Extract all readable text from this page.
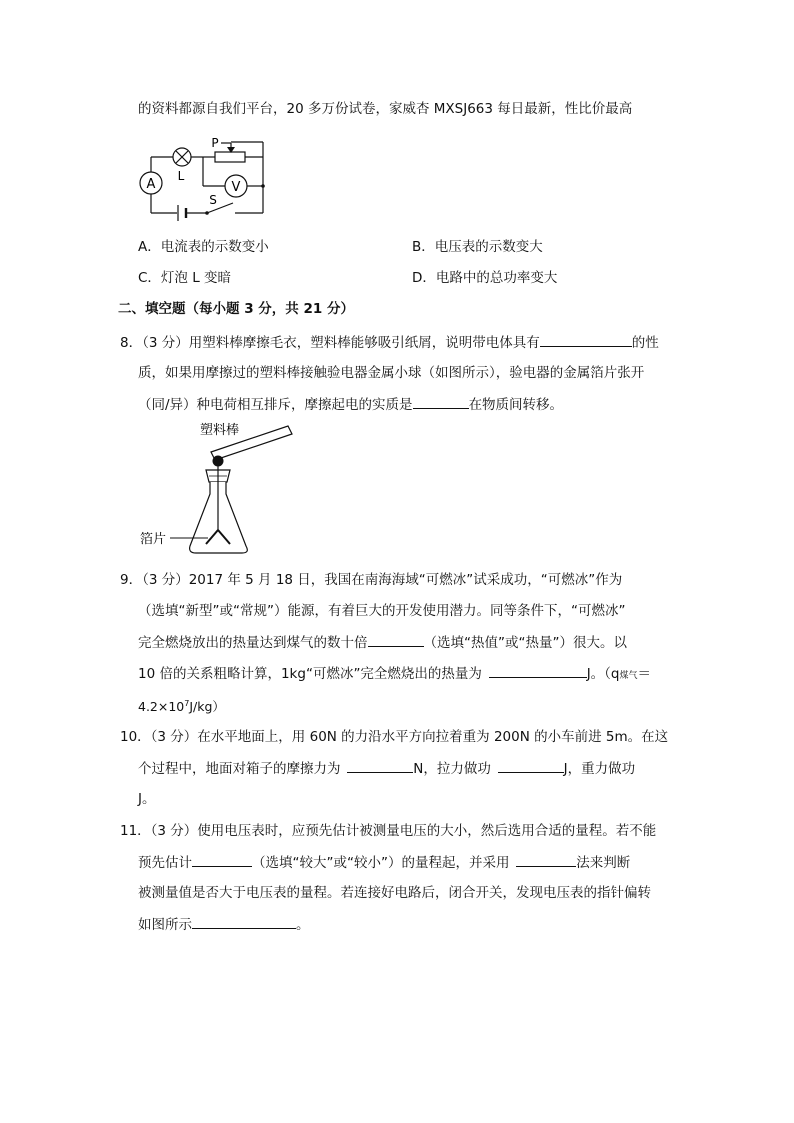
的资料都源自我们平台，20 多万份试卷，家威杏 MXSJ663 每日最新，性比价最高
A
L
P
V
S
A．电流表的示数变小	B．电压表的示数变大
C．灯泡 L 变暗	D．电路中的总功率变大
二、填空题（每小题 3 分，共 21 分）
8．（3 分）用塑料棒摩擦毛衣，塑料棒能够吸引纸屑，说明带电体具有	的性
质，如果用摩擦过的塑料棒接触验电器金属小球（如图所示），验电器的金属箔片张开
（同/异）种电荷相互排斥，摩擦起电的实质是	在物质间转移。
塑料棒
箔片
9．（3 分）2017 年 5 月 18 日，我国在南海海域“可燃冰”试采成功，“可燃冰”作为
（选填“新型”或“常规”）能源，有着巨大的开发使用潜力。同等条件下，“可燃冰”
完全燃烧放出的热量达到煤气的数十倍	（选填“热值”或“热量”）很大。以
10 倍的关系粗略计算，1kg“可燃冰”完全燃烧出的热量为 	J。（q煤气＝
$4.2\times 10^7J/kg$）
10．（3 分）在水平地面上，用 60N 的力沿水平方向拉着重为 200N 的小车前进 5m。在这
个过程中，地面对箱子的摩擦力为 	N，拉力做功 	J，重力做功
J。
11．（3 分）使用电压表时，应预先估计被测量电压的大小，然后选用合适的量程。若不能
预先估计	（选填“较大”或“较小”）的量程起，并采用 	法来判断
被测量值是否大于电压表的量程。若连接好电路后，闭合开关，发现电压表的指针偏转
如图所示	。
